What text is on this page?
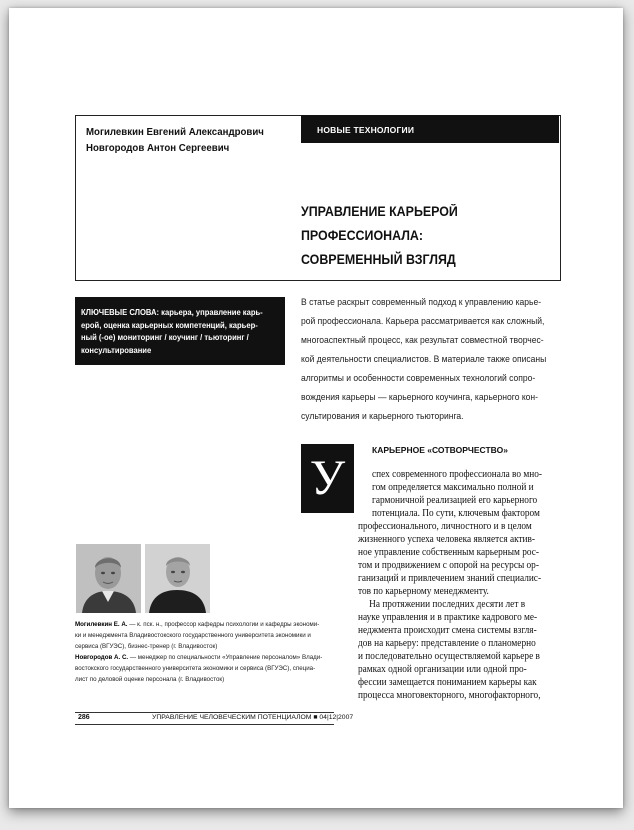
Могилевкин Евгений Александрович
Новгородов Антон Сергеевич
НОВЫЕ ТЕХНОЛОГИИ
УПРАВЛЕНИЕ КАРЬЕРОЙ
ПРОФЕССИОНАЛА:
СОВРЕМЕННЫЙ ВЗГЛЯД
КЛЮЧЕВЫЕ СЛОВА: карьера, управление карь-
ерой, оценка карьерных компетенций, карьер-
ный (-ое) мониторинг / коучинг / тьюторинг /
консультирование
В статье раскрыт современный подход к управлению карье-
рой профессионала. Карьера рассматривается как сложный,
многоаспектный процесс, как результат совместной творчес-
кой деятельности специалистов. В материале также описаны
алгоритмы и особенности современных технологий сопро-
вождения карьеры — карьерного коучинга, карьерного кон-
сультирования и карьерного тьюторинга.
У	КАРЬЕРНОЕ «СОТВОРЧЕСТВО»
спех современного профессионала во мно-
гом определяется максимально полной и
гармоничной реализацией его карьерного
потенциала. По сути, ключевым фактором
профессионального, личностного и в целом
жизненного успеха человека является актив-
ное управление собственным карьерным рос-
том и продвижением с опорой на ресурсы ор-
ганизаций и привлечением знаний специалис-
тов по карьерному менеджменту.
На протяжении последних десяти лет в
науке управления и в практике кадрового ме-
неджмента происходит смена системы взгля-
дов на карьеру: представление о планомерно
и последовательно осуществляемой карьере в
рамках одной организации или одной про-
фессии замещается пониманием карьеры как
процесса многовекторного, многофакторного,
Могилевкин Е. А. — к. пск. н., профессор кафедры психологии и кафедры экономи-
ки и менеджмента Владивостокского государственного университета экономики и
сервиса (ВГУЭС), бизнес-тренер (г. Владивосток)
Новгородов А. С. — менеджер по специальности «Управление персоналом» Влади-
востокского государственного университета экономики и сервиса (ВГУЭС), специа-
лист по деловой оценке персонала (г. Владивосток)
286	УПРАВЛЕНИЕ ЧЕЛОВЕЧЕСКИМ ПОТЕНЦИАЛОМ ■ 04|12|2007
